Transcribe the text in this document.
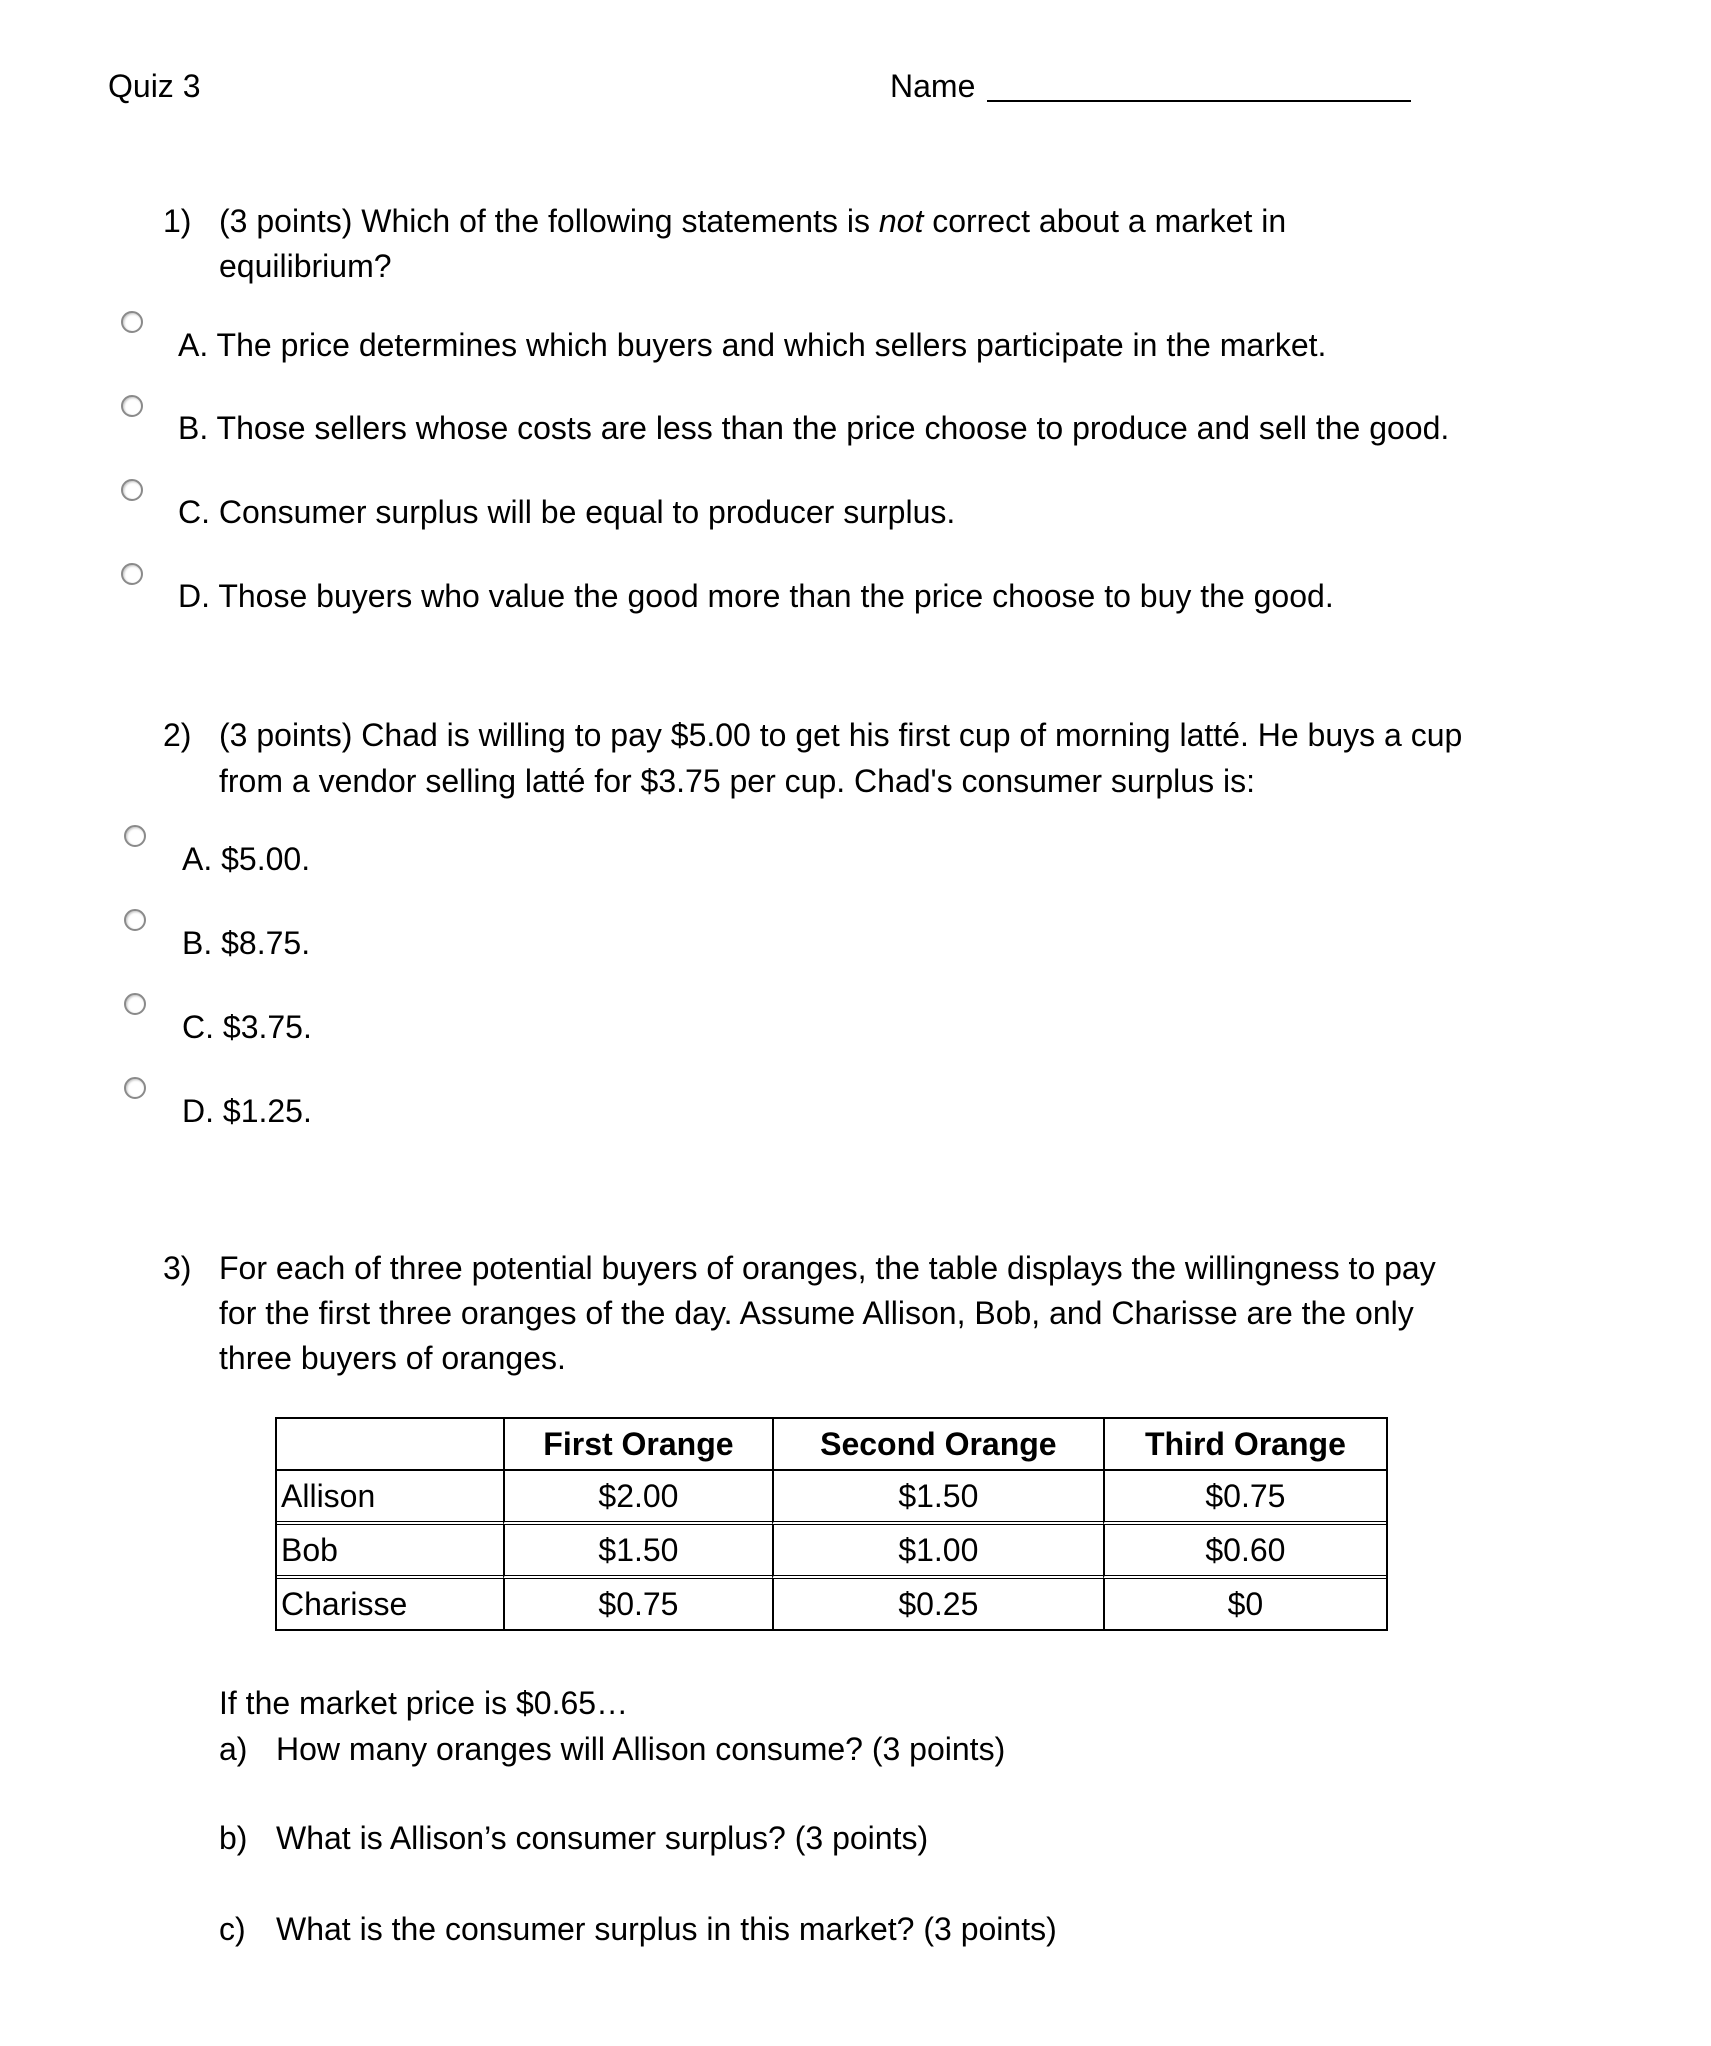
Quiz 3	Name
1) (3 points) Which of the following statements is not correct about a market in
equilibrium?
A. The price determines which buyers and which sellers participate in the market.
B. Those sellers whose costs are less than the price choose to produce and sell the good.
C. Consumer surplus will be equal to producer surplus.
D. Those buyers who value the good more than the price choose to buy the good.
2) (3 points) Chad is willing to pay $5.00 to get his first cup of morning latté. He buys a cup
from a vendor selling latté for $3.75 per cup. Chad's consumer surplus is:
A. $5.00.
B. $8.75.
C. $3.75.
D. $1.25.
3) For each of three potential buyers of oranges, the table displays the willingness to pay
for the first three oranges of the day. Assume Allison, Bob, and Charisse are the only
three buyers of oranges.
	First Orange	Second Orange	Third Orange
Allison	$2.00	$1.50	$0.75
Bob	$1.50	$1.00	$0.60
Charisse	$0.75	$0.25	$0
If the market price is $0.65…
a) How many oranges will Allison consume? (3 points)
b) What is Allison’s consumer surplus? (3 points)
c) What is the consumer surplus in this market? (3 points)
